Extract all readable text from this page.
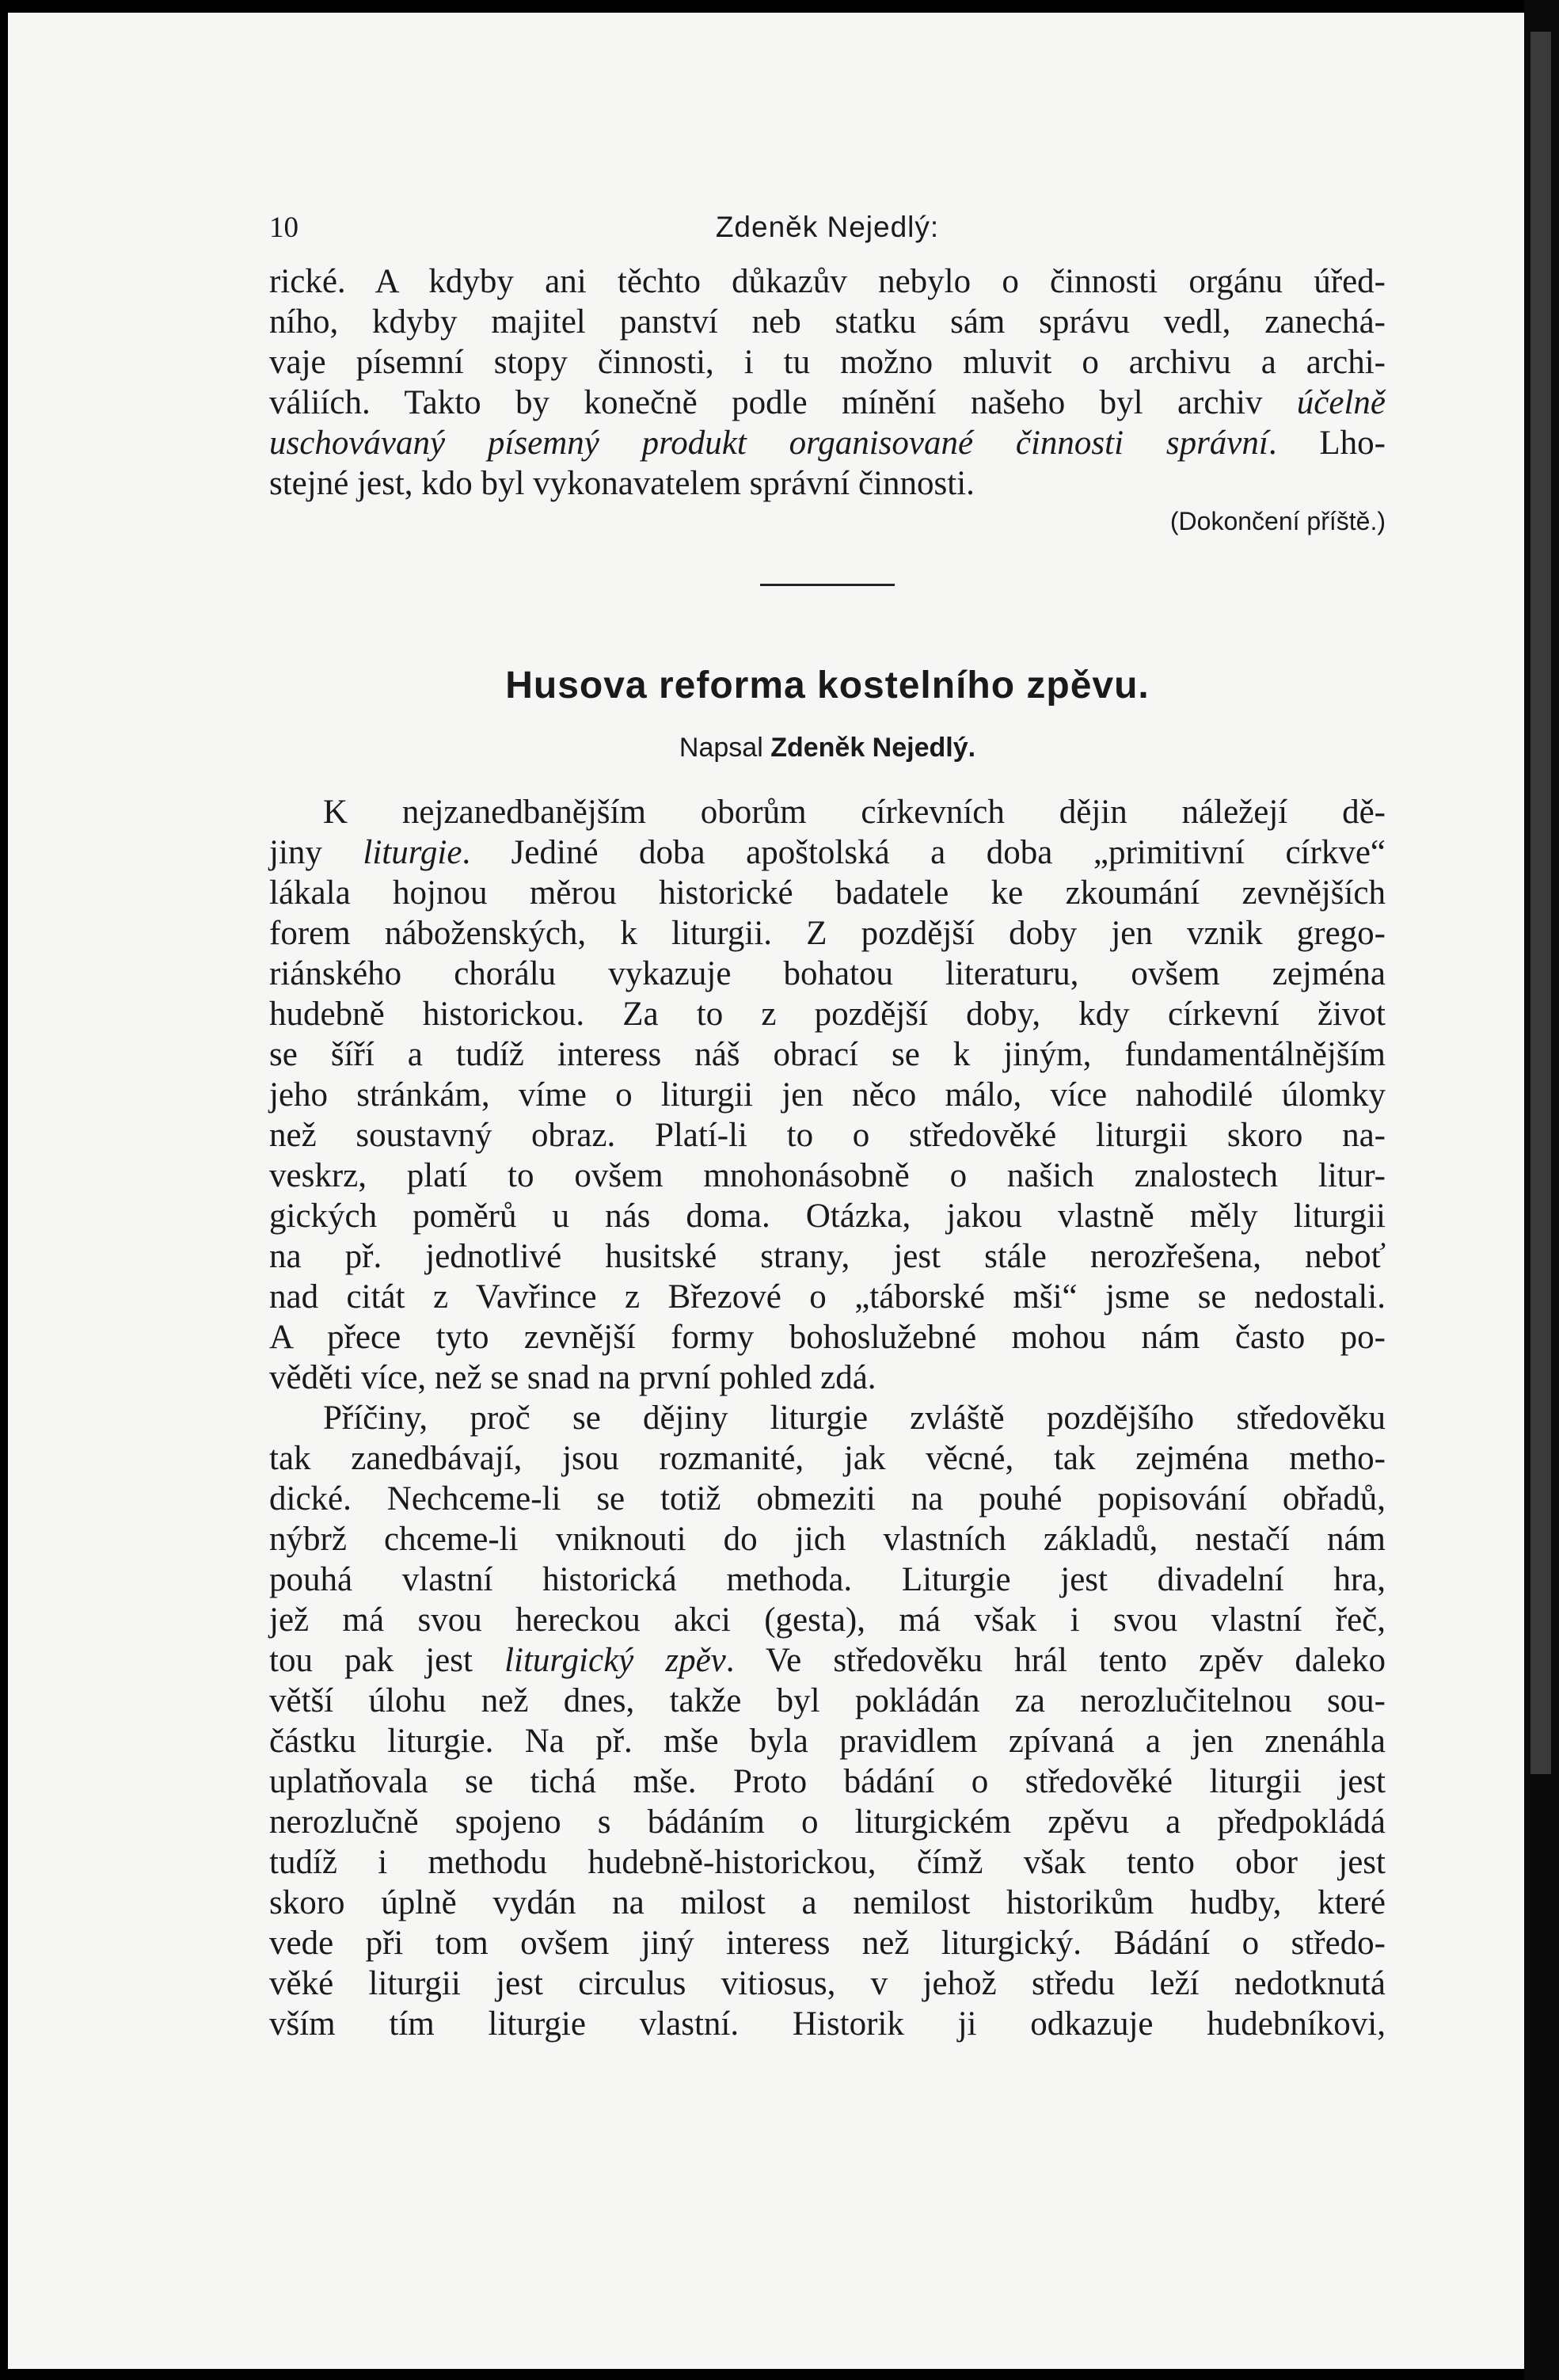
10	Zdeněk Nejedlý:
rické. A kdyby ani těchto důkazův nebylo o činnosti orgánu úřed-
ního, kdyby majitel panství neb statku sám správu vedl, zanechá-
vaje písemní stopy činnosti, i tu možno mluvit o archivu a archi-
váliích. Takto by konečně podle mínění našeho byl archiv účelně
uschovávaný písemný produkt organisované činnosti správní. Lho-
stejné jest, kdo byl vykonavatelem správní činnosti.
(Dokončení příště.)
Husova reforma kostelního zpěvu.
Napsal Zdeněk Nejedlý.
K nejzanedbanějším oborům církevních dějin náležejí dě-
jiny liturgie. Jediné doba apoštolská a doba „primitivní církve“
lákala hojnou měrou historické badatele ke zkoumání zevnějších
forem náboženských, k liturgii. Z pozdější doby jen vznik grego-
riánského chorálu vykazuje bohatou literaturu, ovšem zejména
hudebně historickou. Za to z pozdější doby, kdy církevní život
se šíří a tudíž interess náš obrací se k jiným, fundamentálnějším
jeho stránkám, víme o liturgii jen něco málo, více nahodilé úlomky
než soustavný obraz. Platí-li to o středověké liturgii skoro na-
veskrz, platí to ovšem mnohonásobně o našich znalostech litur-
gických poměrů u nás doma. Otázka, jakou vlastně měly liturgii
na př. jednotlivé husitské strany, jest stále nerozřešena, neboť
nad citát z Vavřince z Březové o „táborské mši“ jsme se nedostali.
A přece tyto zevnější formy bohoslužebné mohou nám často po-
věděti více, než se snad na první pohled zdá.
Příčiny, proč se dějiny liturgie zvláště pozdějšího středověku
tak zanedbávají, jsou rozmanité, jak věcné, tak zejména metho-
dické. Nechceme-li se totiž obmeziti na pouhé popisování obřadů,
nýbrž chceme-li vniknouti do jich vlastních základů, nestačí nám
pouhá vlastní historická methoda. Liturgie jest divadelní hra,
jež má svou hereckou akci (gesta), má však i svou vlastní řeč,
tou pak jest liturgický zpěv. Ve středověku hrál tento zpěv daleko
větší úlohu než dnes, takže byl pokládán za nerozlučitelnou sou-
částku liturgie. Na př. mše byla pravidlem zpívaná a jen znenáhla
uplatňovala se tichá mše. Proto bádání o středověké liturgii jest
nerozlučně spojeno s bádáním o liturgickém zpěvu a předpokládá
tudíž i methodu hudebně-historickou, čímž však tento obor jest
skoro úplně vydán na milost a nemilost historikům hudby, které
vede při tom ovšem jiný interess než liturgický. Bádání o středo-
věké liturgii jest circulus vitiosus, v jehož středu leží nedotknutá
vším tím liturgie vlastní. Historik ji odkazuje hudebníkovi,
